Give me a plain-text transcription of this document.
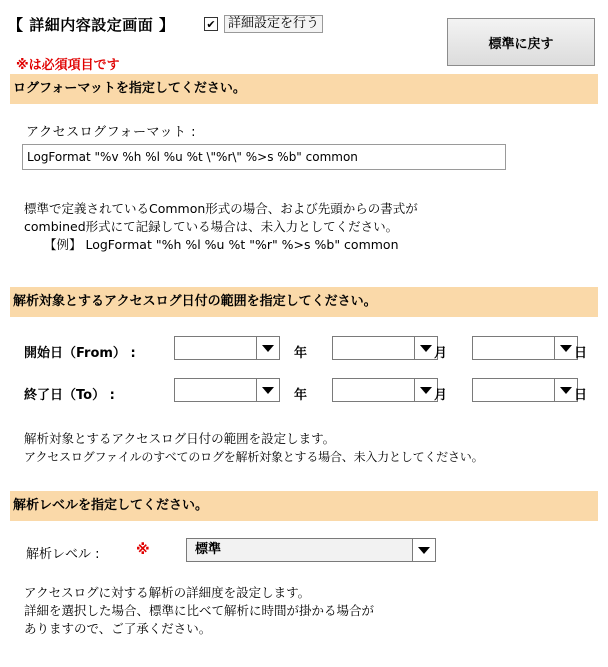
【 詳細内容設定画面 】	✔ 詳細設定を行う
標準に戻す
※は必須項目です
ログフォーマットを指定してください。
アクセスログフォーマット :
LogFormat "%v %h %l %u %t \"%r\" %>s %b" common
標準で定義されているCommon形式の場合、および先頭からの書式が
combined形式にて記録している場合は、未入力としてください。
【例】 LogFormat "%h %l %u %t "%r" %>s %b" common
解析対象とするアクセスログ日付の範囲を指定してください。
開始日（From） :	年	月	日
終了日（To） :	年	月	日
解析対象とするアクセスログ日付の範囲を設定します。
アクセスログファイルのすべてのログを解析対象とする場合、未入力としてください。
解析レベルを指定してください。
解析レベル :	※	標準
アクセスログに対する解析の詳細度を設定します。
詳細を選択した場合、標準に比べて解析に時間が掛かる場合が
ありますので、ご了承ください。
